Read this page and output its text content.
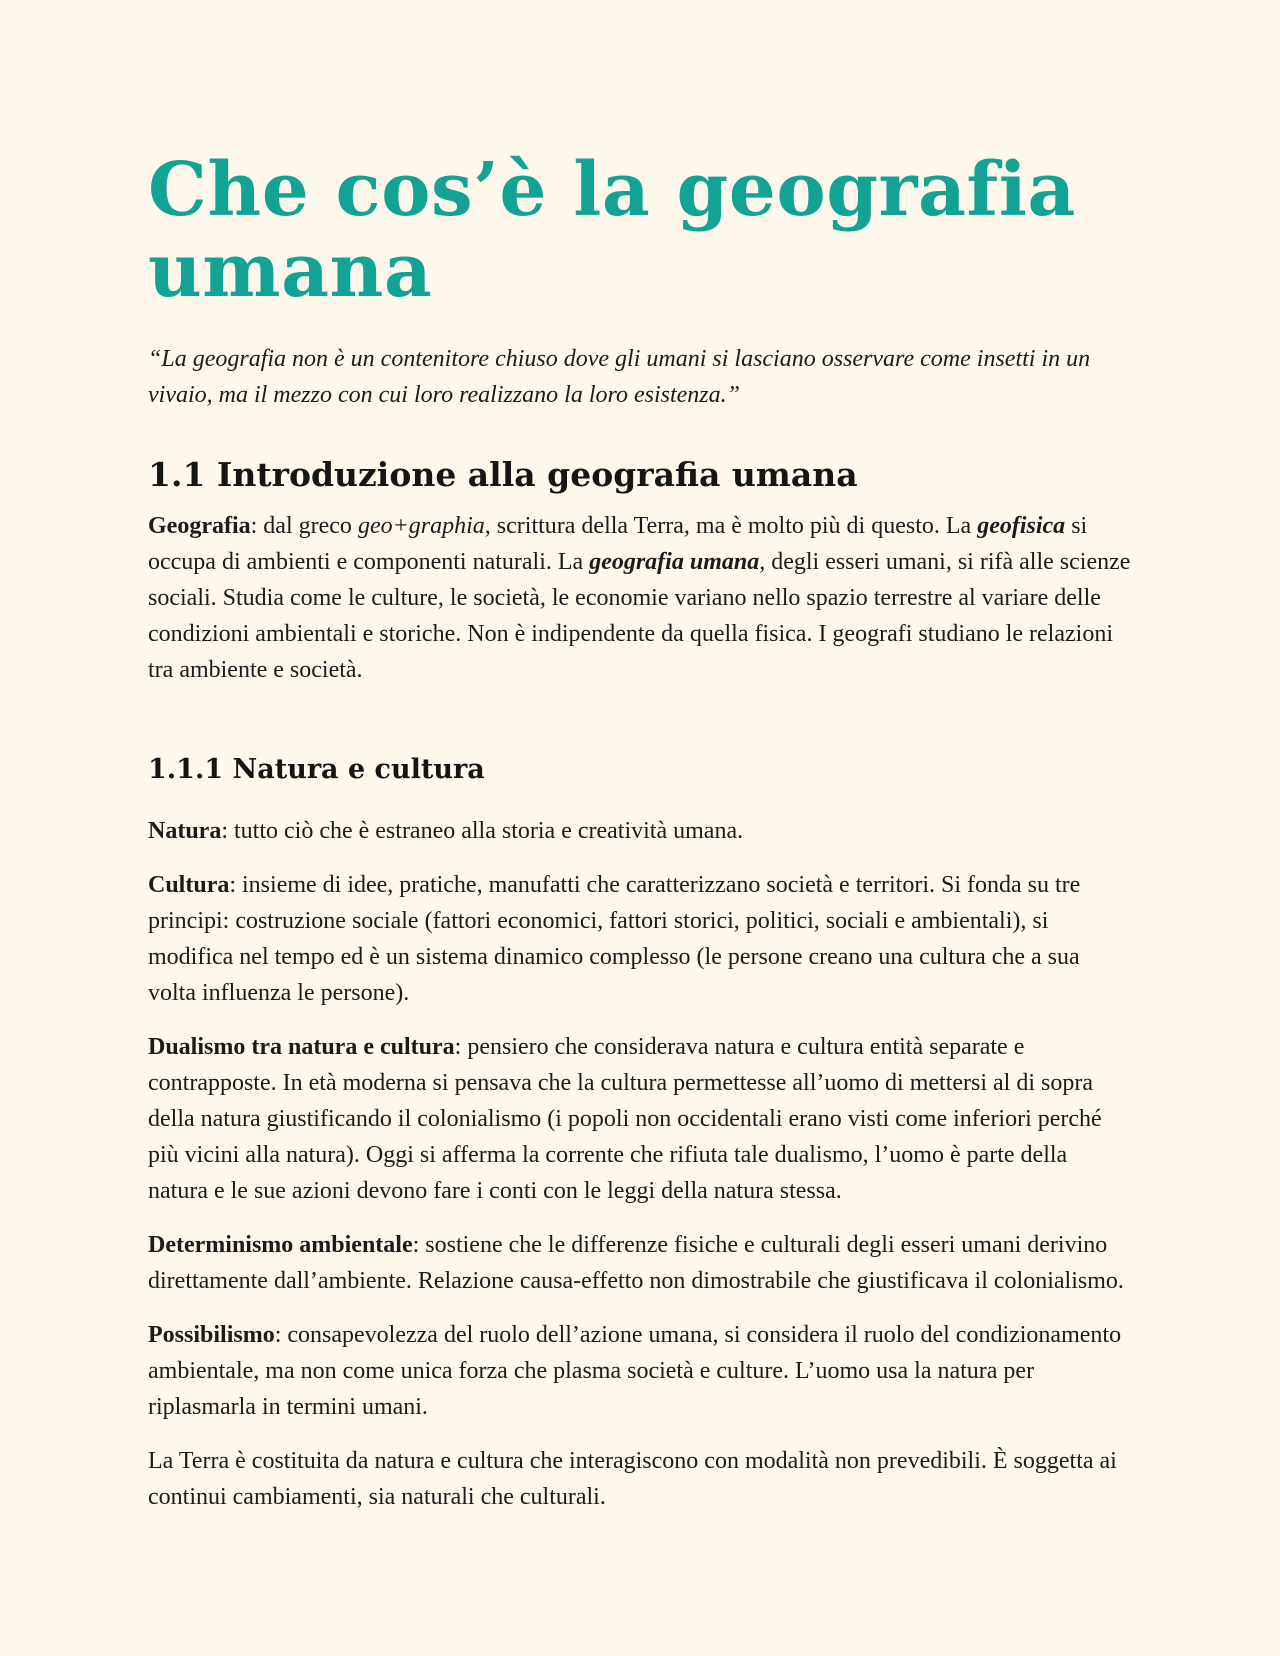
Che cos’è la geografia umana

“La geografia non è un contenitore chiuso dove gli umani si lasciano osservare come insetti in un vivaio, ma il mezzo con cui loro realizzano la loro esistenza.”

1.1 Introduzione alla geografia umana

Geografia: dal greco geo+graphia, scrittura della Terra, ma è molto più di questo. La geofisica si occupa di ambienti e componenti naturali. La geografia umana, degli esseri umani, si rifà alle scienze sociali. Studia come le culture, le società, le economie variano nello spazio terrestre al variare delle condizioni ambientali e storiche. Non è indipendente da quella fisica. I geografi studiano le relazioni tra ambiente e società.

1.1.1 Natura e cultura

Natura: tutto ciò che è estraneo alla storia e creatività umana.

Cultura: insieme di idee, pratiche, manufatti che caratterizzano società e territori. Si fonda su tre principi: costruzione sociale (fattori economici, fattori storici, politici, sociali e ambientali), si modifica nel tempo ed è un sistema dinamico complesso (le persone creano una cultura che a sua volta influenza le persone).

Dualismo tra natura e cultura: pensiero che considerava natura e cultura entità separate e contrapposte. In età moderna si pensava che la cultura permettesse all’uomo di mettersi al di sopra della natura giustificando il colonialismo (i popoli non occidentali erano visti come inferiori perché più vicini alla natura). Oggi si afferma la corrente che rifiuta tale dualismo, l’uomo è parte della natura e le sue azioni devono fare i conti con le leggi della natura stessa.

Determinismo ambientale: sostiene che le differenze fisiche e culturali degli esseri umani derivino direttamente dall’ambiente. Relazione causa-effetto non dimostrabile che giustificava il colonialismo.

Possibilismo: consapevolezza del ruolo dell’azione umana, si considera il ruolo del condizionamento ambientale, ma non come unica forza che plasma società e culture. L’uomo usa la natura per riplasmarla in termini umani.

La Terra è costituita da natura e cultura che interagiscono con modalità non prevedibili. È soggetta ai continui cambiamenti, sia naturali che culturali.
